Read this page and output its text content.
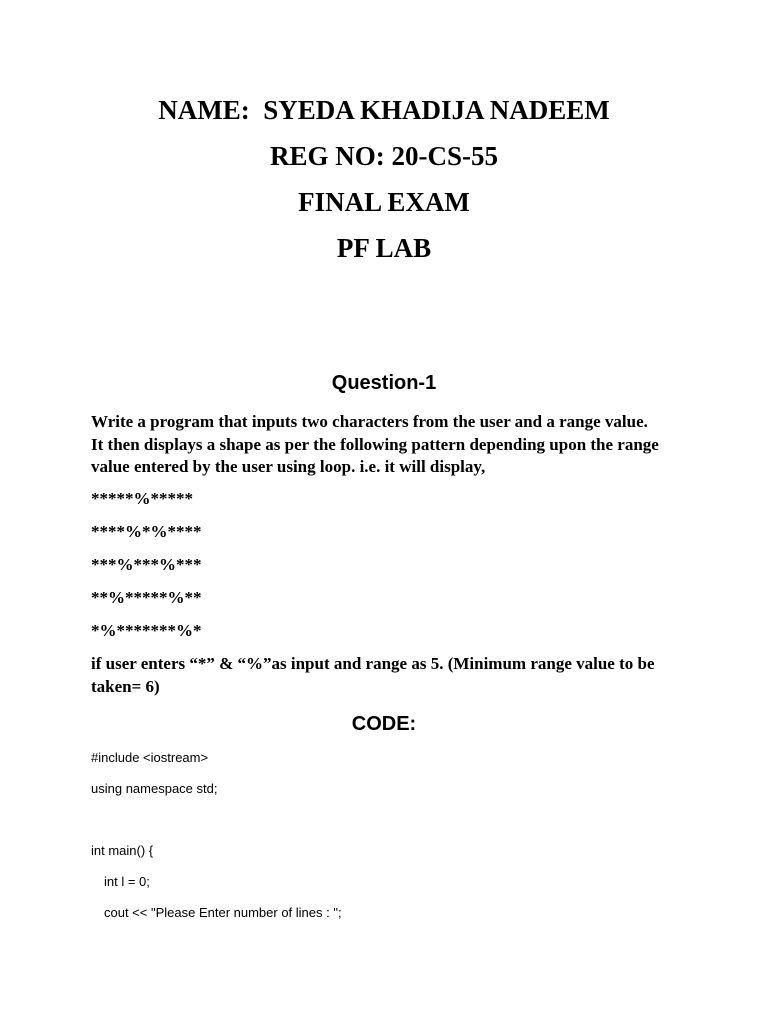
NAME:  SYEDA KHADIJA NADEEM
REG NO: 20-CS-55
FINAL EXAM
PF LAB
Question-1
Write a program that inputs two characters from the user and a range value.
It then displays a shape as per the following pattern depending upon the range
value entered by the user using loop. i.e. it will display,
*****%*****
****%*%****
***%***%***
**%*****%**
*%*******%*
if user enters “*” & “%”as input and range as 5. (Minimum range value to be
taken= 6)
CODE:
#include <iostream>
using namespace std;
int main() {
int l = 0;
cout << "Please Enter number of lines : ";
